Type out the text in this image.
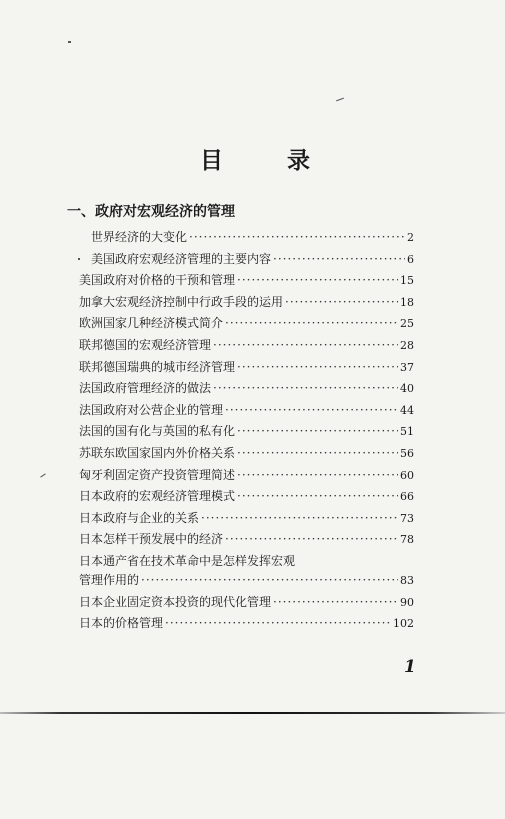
目	录
一、政府对宏观经济的管理
世界经济的大变化 ·····	2
美国政府宏观经济管理的主要内容 ·····	6
美国政府对价格的干预和管理 ·····	15
加拿大宏观经济控制中行政手段的运用 ·····	18
欧洲国家几种经济模式简介 ·····	25
联邦德国的宏观经济管理 ·····	28
联邦德国瑞典的城市经济管理 ·····	37
法国政府管理经济的做法 ·····	40
法国政府对公营企业的管理 ·····	44
法国的国有化与英国的私有化 ·····	51
苏联东欧国家国内外价格关系 ·····	56
匈牙利固定资产投资管理简述 ·····	60
日本政府的宏观经济管理模式 ·····	66
日本政府与企业的关系 ·····	73
日本怎样干预发展中的经济 ·····	78
日本通产省在技术革命中是怎样发挥宏观
管理作用的 ·····	83
日本企业固定资本投资的现代化管理 ·····	90
日本的价格管理 ·····	102
1
